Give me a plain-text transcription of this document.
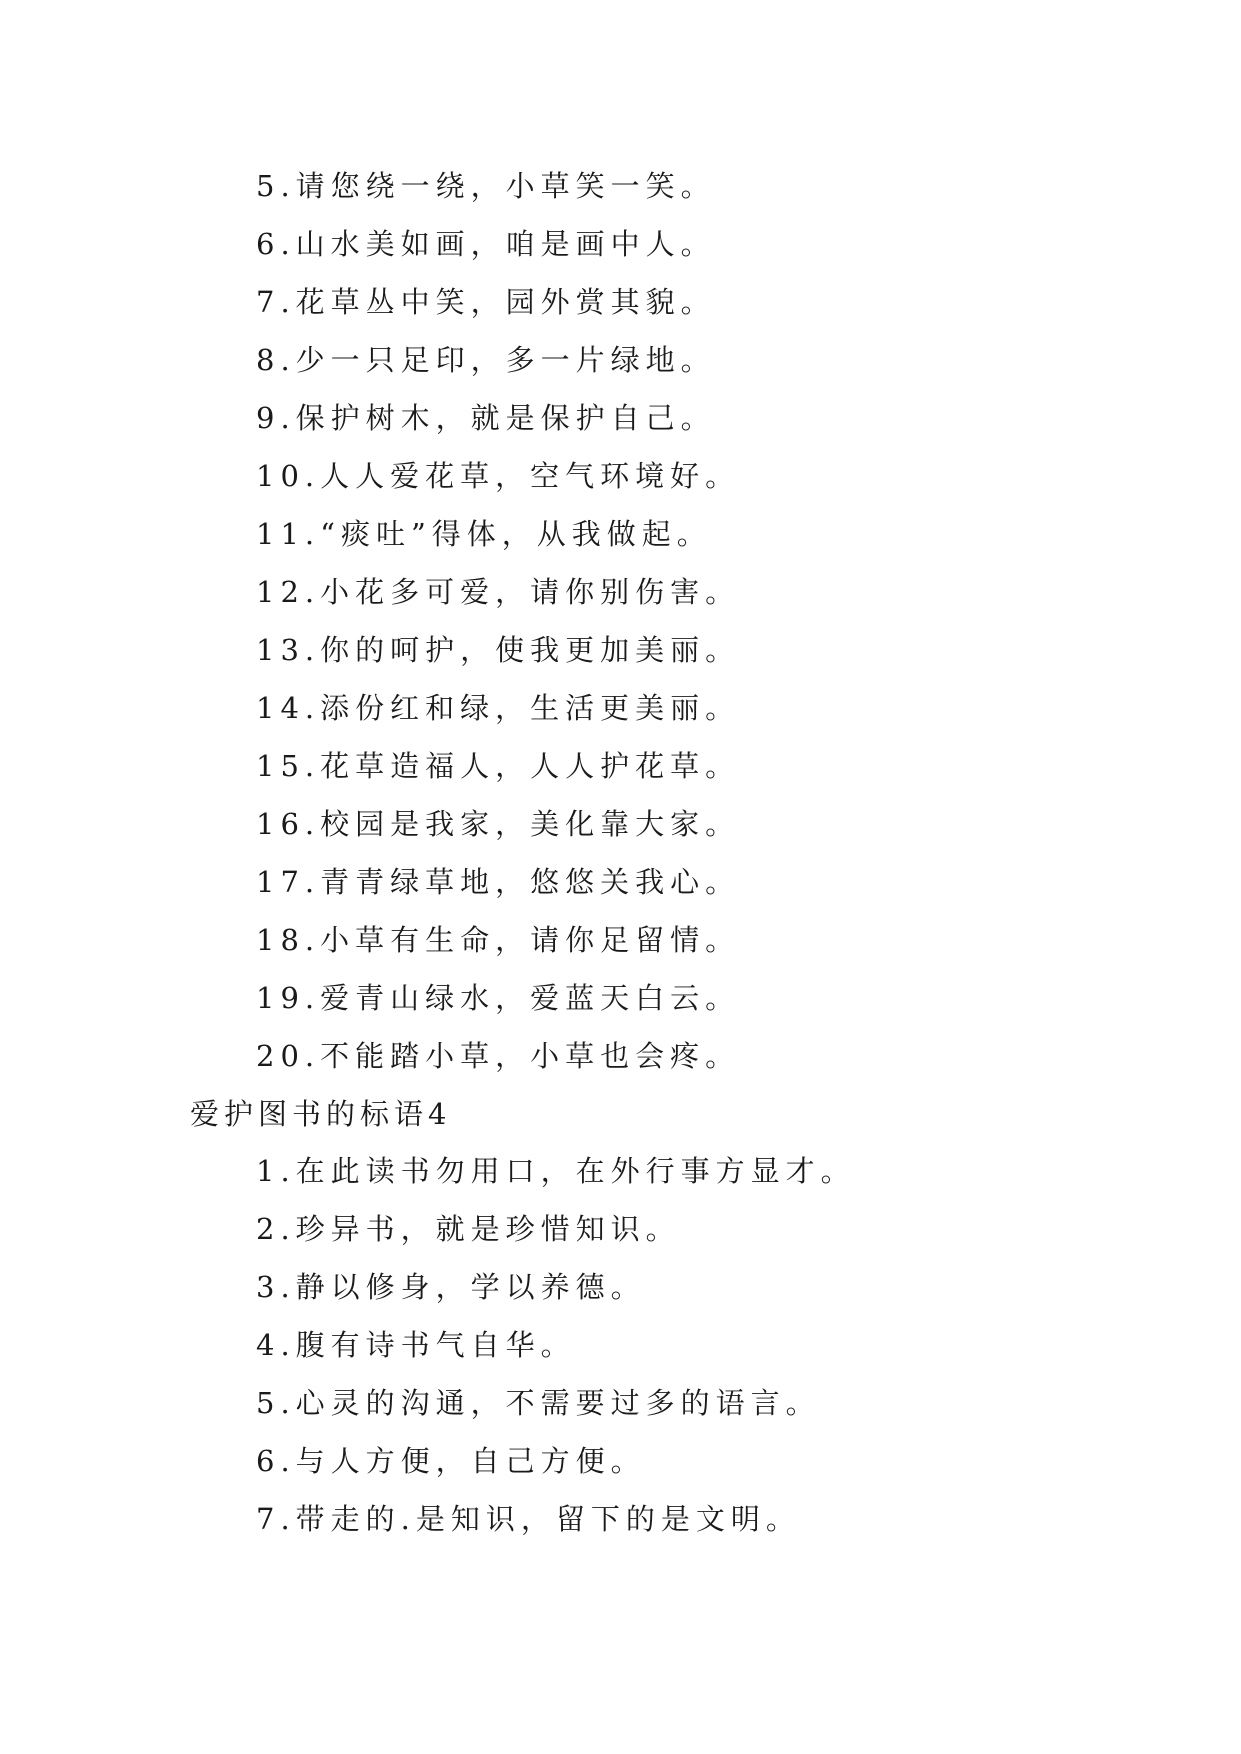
5.请您绕一绕，小草笑一笑。
6.山水美如画，咱是画中人。
7.花草丛中笑，园外赏其貌。
8.少一只足印，多一片绿地。
9.保护树木，就是保护自己。
10.人人爱花草，空气环境好。
11.“痰吐”得体，从我做起。
12.小花多可爱，请你别伤害。
13.你的呵护，使我更加美丽。
14.添份红和绿，生活更美丽。
15.花草造福人，人人护花草。
16.校园是我家，美化靠大家。
17.青青绿草地，悠悠关我心。
18.小草有生命，请你足留情。
19.爱青山绿水，爱蓝天白云。
20.不能踏小草，小草也会疼。
爱护图书的标语4
1.在此读书勿用口，在外行事方显才。
2.珍异书，就是珍惜知识。
3.静以修身，学以养德。
4.腹有诗书气自华。
5.心灵的沟通，不需要过多的语言。
6.与人方便，自己方便。
7.带走的.是知识，留下的是文明。
